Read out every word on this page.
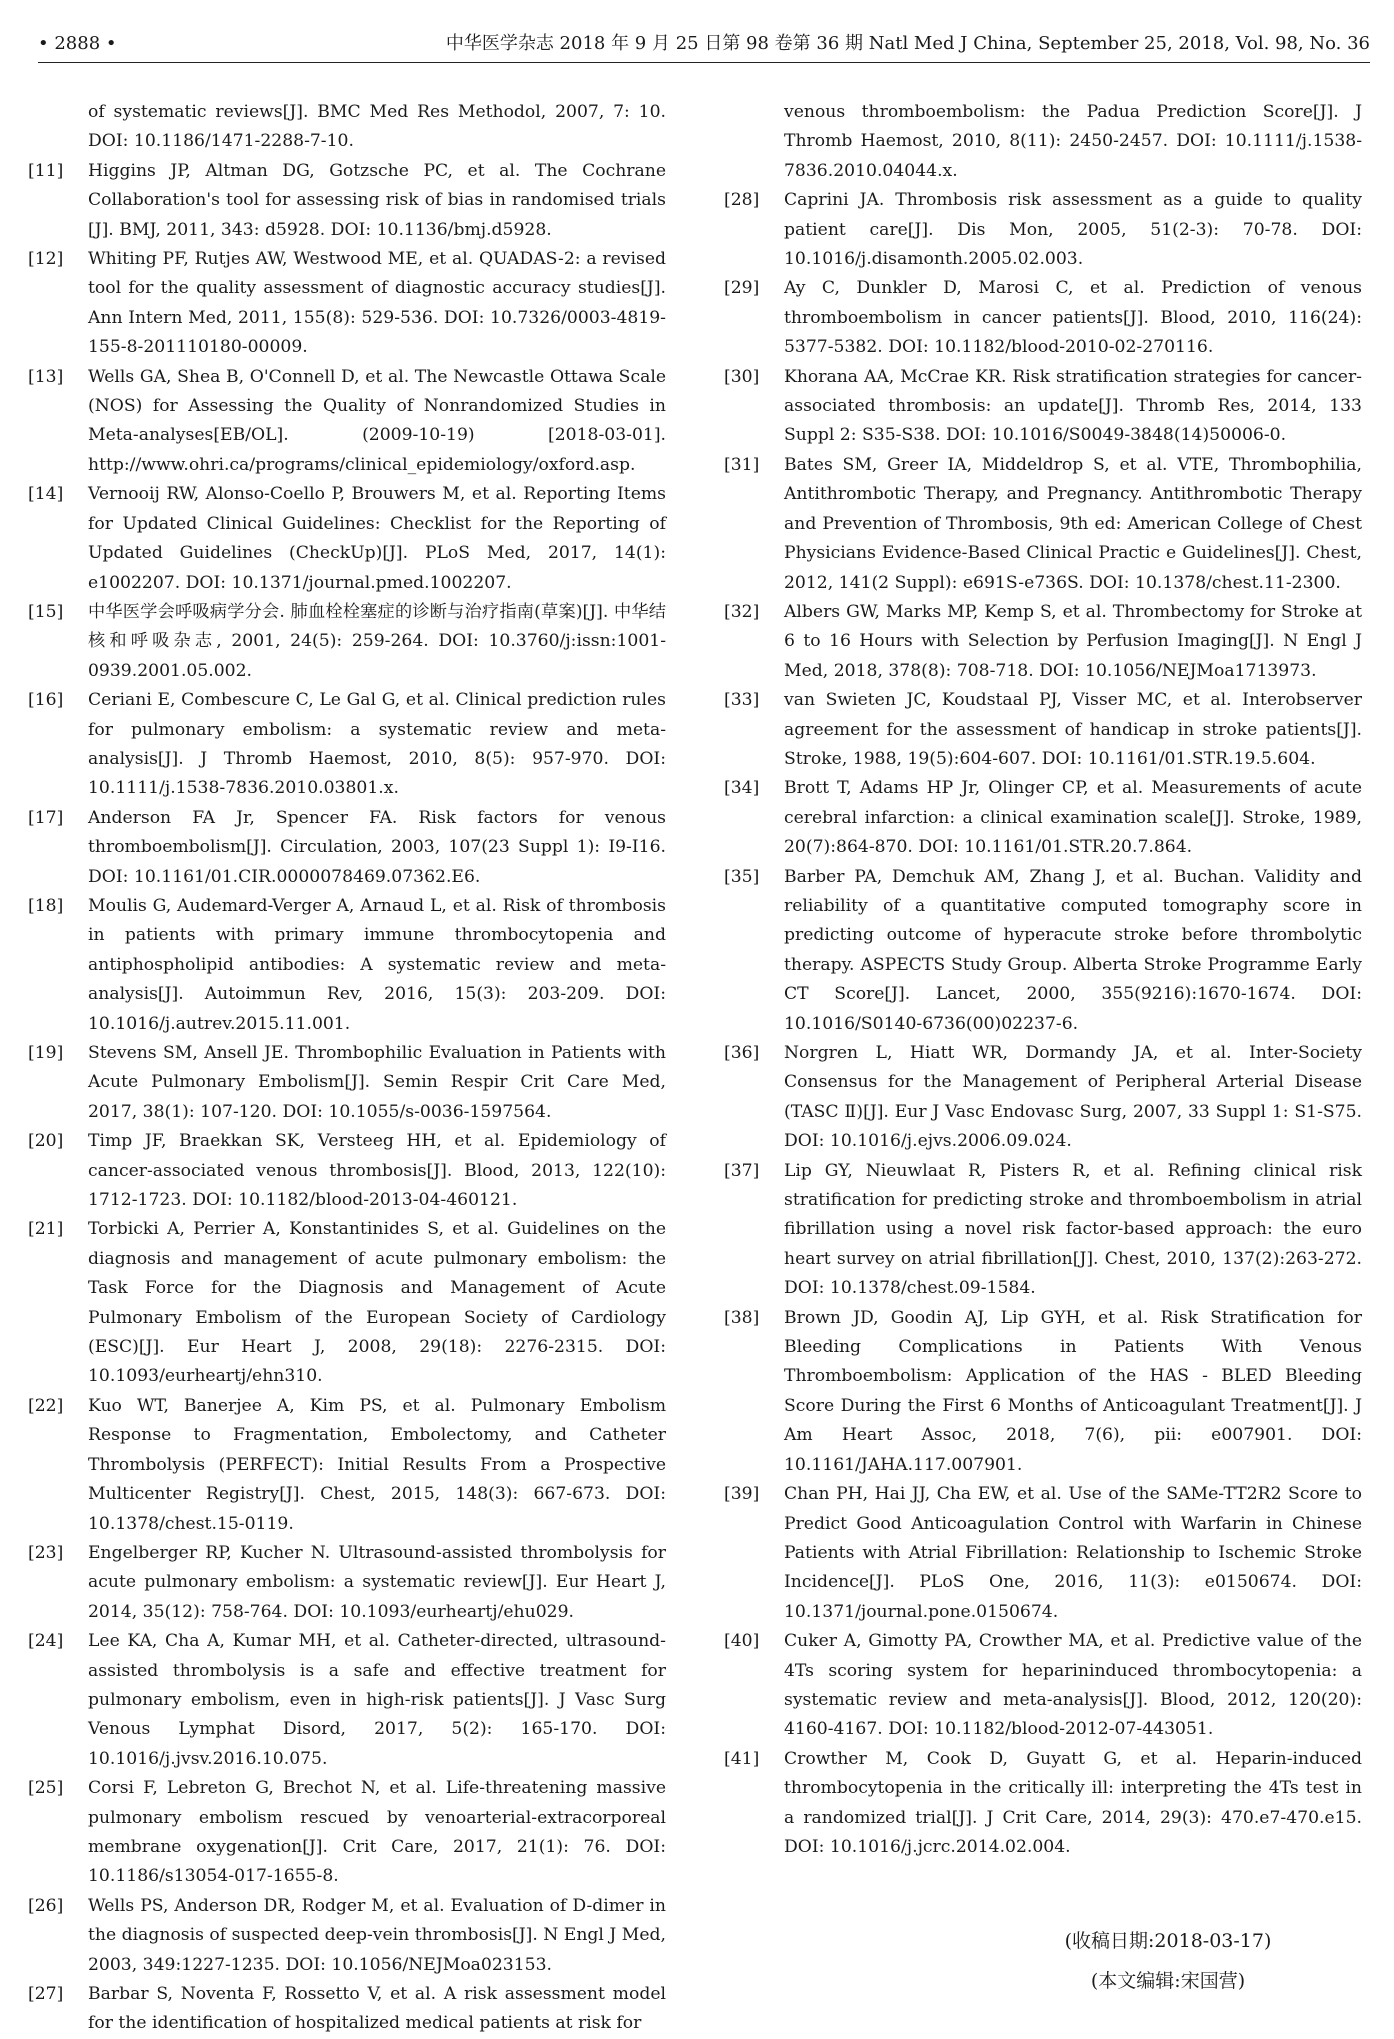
• 2888 •	中华医学杂志 2018 年 9 月 25 日第 98 卷第 36 期 Natl Med J China, September 25, 2018, Vol. 98, No. 36
of systematic reviews[J]. BMC Med Res Methodol, 2007, 7: 10. DOI: 10.1186/1471-2288-7-10.
[11]	Higgins JP, Altman DG, Gotzsche PC, et al. The Cochrane Collaboration's tool for assessing risk of bias in randomised trials [J]. BMJ, 2011, 343: d5928. DOI: 10.1136/bmj.d5928.
[12]	Whiting PF, Rutjes AW, Westwood ME, et al. QUADAS-2: a revised tool for the quality assessment of diagnostic accuracy studies[J]. Ann Intern Med, 2011, 155(8): 529-536. DOI: 10.7326/0003-4819-155-8-201110180-00009.
[13]	Wells GA, Shea B, O'Connell D, et al. The Newcastle Ottawa Scale (NOS) for Assessing the Quality of Nonrandomized Studies in Meta-analyses[EB/OL]. (2009-10-19) [2018-03-01]. http://www.ohri.ca/programs/clinical_epidemiology/oxford.asp.
[14]	Vernooij RW, Alonso-Coello P, Brouwers M, et al. Reporting Items for Updated Clinical Guidelines: Checklist for the Reporting of Updated Guidelines (CheckUp)[J]. PLoS Med, 2017, 14(1): e1002207. DOI: 10.1371/journal.pmed.1002207.
[15]	中华医学会呼吸病学分会. 肺血栓栓塞症的诊断与治疗指南(草案)[J]. 中华结核和呼吸杂志, 2001, 24(5): 259-264. DOI: 10.3760/j:issn:1001-0939.2001.05.002.
[16]	Ceriani E, Combescure C, Le Gal G, et al. Clinical prediction rules for pulmonary embolism: a systematic review and meta-analysis[J]. J Thromb Haemost, 2010, 8(5): 957-970. DOI: 10.1111/j.1538-7836.2010.03801.x.
[17]	Anderson FA Jr, Spencer FA. Risk factors for venous thromboembolism[J]. Circulation, 2003, 107(23 Suppl 1): I9-I16. DOI: 10.1161/01.CIR.0000078469.07362.E6.
[18]	Moulis G, Audemard-Verger A, Arnaud L, et al. Risk of thrombosis in patients with primary immune thrombocytopenia and antiphospholipid antibodies: A systematic review and meta-analysis[J]. Autoimmun Rev, 2016, 15(3): 203-209. DOI: 10.1016/j.autrev.2015.11.001.
[19]	Stevens SM, Ansell JE. Thrombophilic Evaluation in Patients with Acute Pulmonary Embolism[J]. Semin Respir Crit Care Med, 2017, 38(1): 107-120. DOI: 10.1055/s-0036-1597564.
[20]	Timp JF, Braekkan SK, Versteeg HH, et al. Epidemiology of cancer-associated venous thrombosis[J]. Blood, 2013, 122(10): 1712-1723. DOI: 10.1182/blood-2013-04-460121.
[21]	Torbicki A, Perrier A, Konstantinides S, et al. Guidelines on the diagnosis and management of acute pulmonary embolism: the Task Force for the Diagnosis and Management of Acute Pulmonary Embolism of the European Society of Cardiology (ESC)[J]. Eur Heart J, 2008, 29(18): 2276-2315. DOI: 10.1093/eurheartj/ehn310.
[22]	Kuo WT, Banerjee A, Kim PS, et al. Pulmonary Embolism Response to Fragmentation, Embolectomy, and Catheter Thrombolysis (PERFECT): Initial Results From a Prospective Multicenter Registry[J]. Chest, 2015, 148(3): 667-673. DOI: 10.1378/chest.15-0119.
[23]	Engelberger RP, Kucher N. Ultrasound-assisted thrombolysis for acute pulmonary embolism: a systematic review[J]. Eur Heart J, 2014, 35(12): 758-764. DOI: 10.1093/eurheartj/ehu029.
[24]	Lee KA, Cha A, Kumar MH, et al. Catheter-directed, ultrasound-assisted thrombolysis is a safe and effective treatment for pulmonary embolism, even in high-risk patients[J]. J Vasc Surg Venous Lymphat Disord, 2017, 5(2): 165-170. DOI: 10.1016/j.jvsv.2016.10.075.
[25]	Corsi F, Lebreton G, Brechot N, et al. Life-threatening massive pulmonary embolism rescued by venoarterial-extracorporeal membrane oxygenation[J]. Crit Care, 2017, 21(1): 76. DOI: 10.1186/s13054-017-1655-8.
[26]	Wells PS, Anderson DR, Rodger M, et al. Evaluation of D-dimer in the diagnosis of suspected deep-vein thrombosis[J]. N Engl J Med, 2003, 349:1227-1235. DOI: 10.1056/NEJMoa023153.
[27]	Barbar S, Noventa F, Rossetto V, et al. A risk assessment model for the identification of hospitalized medical patients at risk for
venous thromboembolism: the Padua Prediction Score[J]. J Thromb Haemost, 2010, 8(11): 2450-2457. DOI: 10.1111/j.1538-7836.2010.04044.x.
[28]	Caprini JA. Thrombosis risk assessment as a guide to quality patient care[J]. Dis Mon, 2005, 51(2-3): 70-78. DOI: 10.1016/j.disamonth.2005.02.003.
[29]	Ay C, Dunkler D, Marosi C, et al. Prediction of venous thromboembolism in cancer patients[J]. Blood, 2010, 116(24): 5377-5382. DOI: 10.1182/blood-2010-02-270116.
[30]	Khorana AA, McCrae KR. Risk stratification strategies for cancer-associated thrombosis: an update[J]. Thromb Res, 2014, 133 Suppl 2: S35-S38. DOI: 10.1016/S0049-3848(14)50006-0.
[31]	Bates SM, Greer IA, Middeldrop S, et al. VTE, Thrombophilia, Antithrombotic Therapy, and Pregnancy. Antithrombotic Therapy and Prevention of Thrombosis, 9th ed: American College of Chest Physicians Evidence-Based Clinical Practic e Guidelines[J]. Chest, 2012, 141(2 Suppl): e691S-e736S. DOI: 10.1378/chest.11-2300.
[32]	Albers GW, Marks MP, Kemp S, et al. Thrombectomy for Stroke at 6 to 16 Hours with Selection by Perfusion Imaging[J]. N Engl J Med, 2018, 378(8): 708-718. DOI: 10.1056/NEJMoa1713973.
[33]	van Swieten JC, Koudstaal PJ, Visser MC, et al. Interobserver agreement for the assessment of handicap in stroke patients[J]. Stroke, 1988, 19(5):604-607. DOI: 10.1161/01.STR.19.5.604.
[34]	Brott T, Adams HP Jr, Olinger CP, et al. Measurements of acute cerebral infarction: a clinical examination scale[J]. Stroke, 1989, 20(7):864-870. DOI: 10.1161/01.STR.20.7.864.
[35]	Barber PA, Demchuk AM, Zhang J, et al. Buchan. Validity and reliability of a quantitative computed tomography score in predicting outcome of hyperacute stroke before thrombolytic therapy. ASPECTS Study Group. Alberta Stroke Programme Early CT Score[J]. Lancet, 2000, 355(9216):1670-1674. DOI: 10.1016/S0140-6736(00)02237-6.
[36]	Norgren L, Hiatt WR, Dormandy JA, et al. Inter-Society Consensus for the Management of Peripheral Arterial Disease (TASC Ⅱ)[J]. Eur J Vasc Endovasc Surg, 2007, 33 Suppl 1: S1-S75. DOI: 10.1016/j.ejvs.2006.09.024.
[37]	Lip GY, Nieuwlaat R, Pisters R, et al. Refining clinical risk stratification for predicting stroke and thromboembolism in atrial fibrillation using a novel risk factor-based approach: the euro heart survey on atrial fibrillation[J]. Chest, 2010, 137(2):263-272. DOI: 10.1378/chest.09-1584.
[38]	Brown JD, Goodin AJ, Lip GYH, et al. Risk Stratification for Bleeding Complications in Patients With Venous Thromboembolism: Application of the HAS - BLED Bleeding Score During the First 6 Months of Anticoagulant Treatment[J]. J Am Heart Assoc, 2018, 7(6), pii: e007901. DOI: 10.1161/JAHA.117.007901.
[39]	Chan PH, Hai JJ, Cha EW, et al. Use of the SAMe-TT2R2 Score to Predict Good Anticoagulation Control with Warfarin in Chinese Patients with Atrial Fibrillation: Relationship to Ischemic Stroke Incidence[J]. PLoS One, 2016, 11(3): e0150674. DOI: 10.1371/journal.pone.0150674.
[40]	Cuker A, Gimotty PA, Crowther MA, et al. Predictive value of the 4Ts scoring system for heparininduced thrombocytopenia: a systematic review and meta-analysis[J]. Blood, 2012, 120(20): 4160-4167. DOI: 10.1182/blood-2012-07-443051.
[41]	Crowther M, Cook D, Guyatt G, et al. Heparin-induced thrombocytopenia in the critically ill: interpreting the 4Ts test in a randomized trial[J]. J Crit Care, 2014, 29(3): 470.e7-470.e15. DOI: 10.1016/j.jcrc.2014.02.004.
(收稿日期:2018-03-17)
(本文编辑:宋国营)
